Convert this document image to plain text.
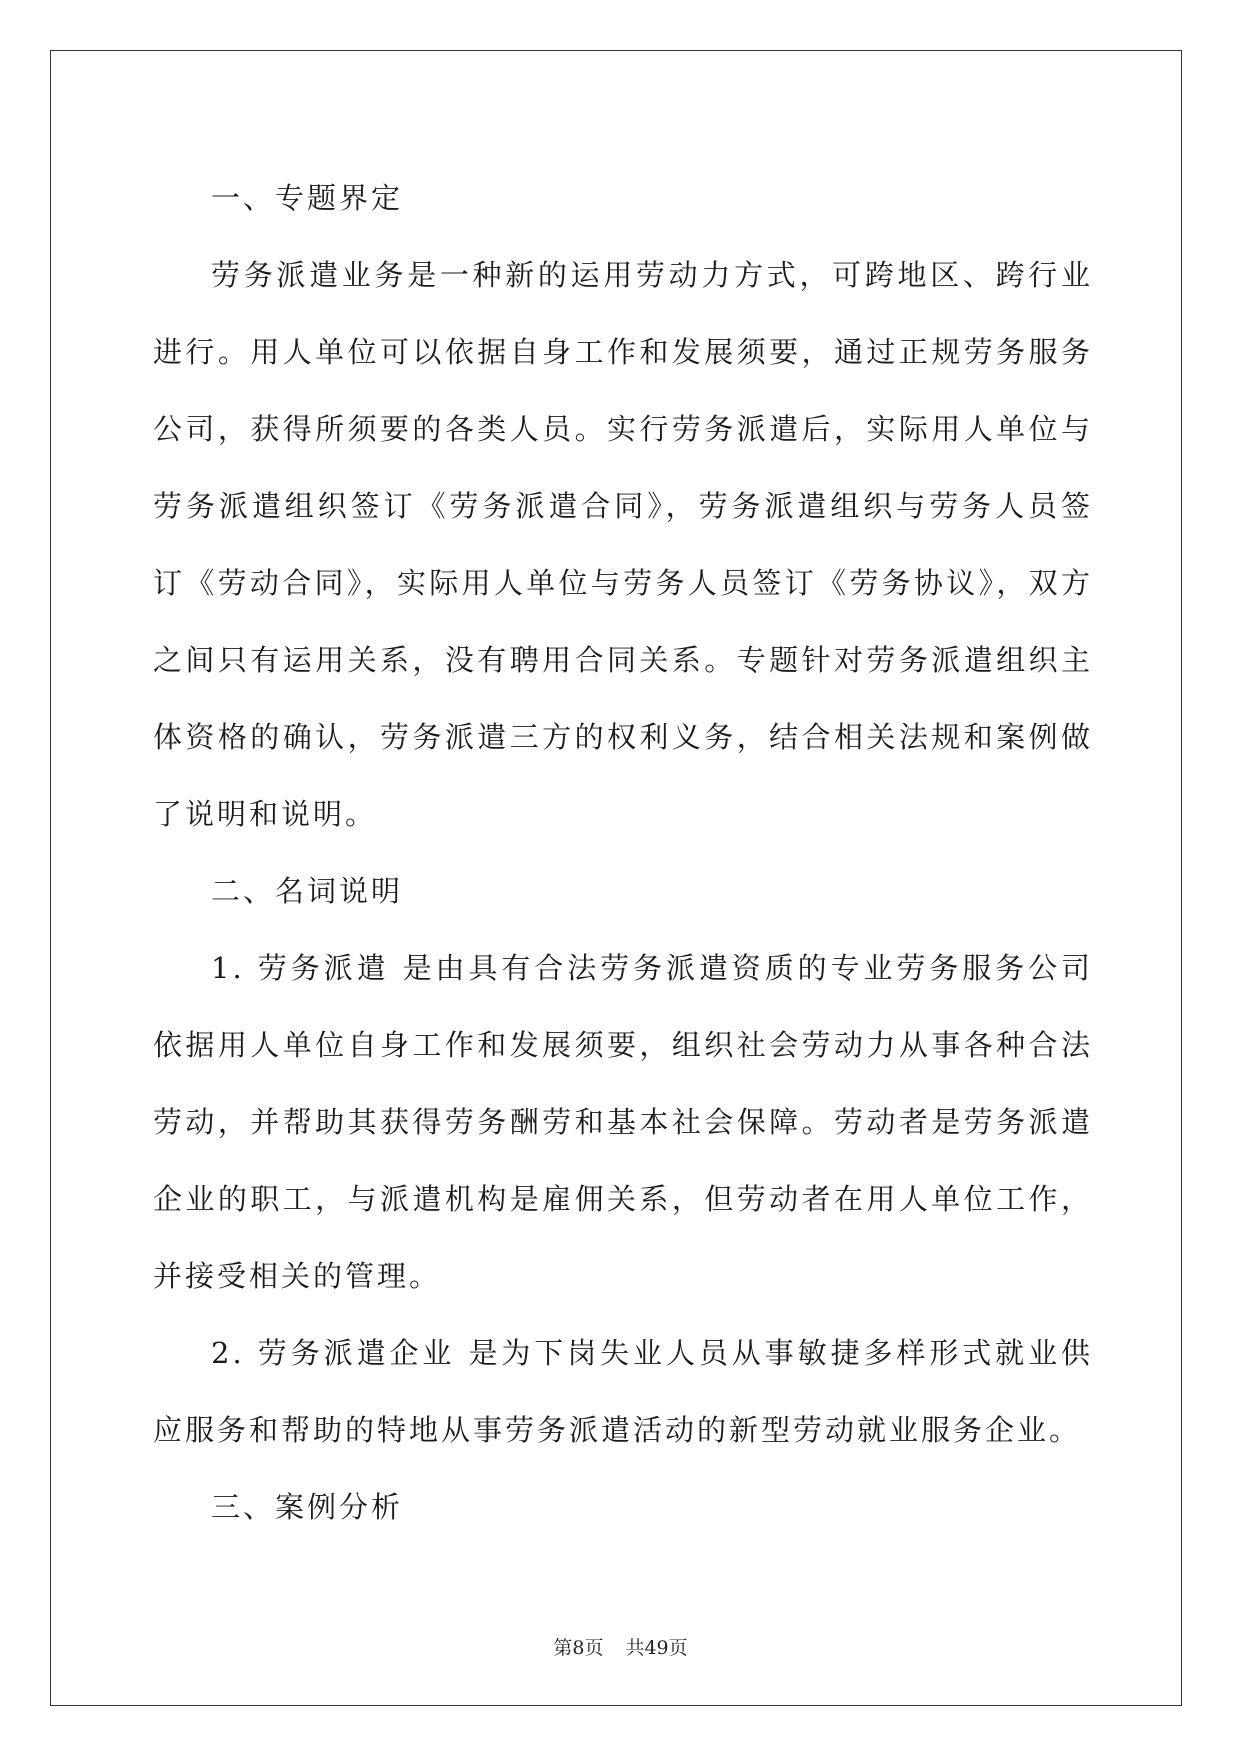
一、专题界定

劳务派遣业务是一种新的运用劳动力方式，可跨地区、跨行业进行。用人单位可以依据自身工作和发展须要，通过正规劳务服务公司，获得所须要的各类人员。实行劳务派遣后，实际用人单位与劳务派遣组织签订《劳务派遣合同》，劳务派遣组织与劳务人员签订《劳动合同》，实际用人单位与劳务人员签订《劳务协议》，双方之间只有运用关系，没有聘用合同关系。专题针对劳务派遣组织主体资格的确认，劳务派遣三方的权利义务，结合相关法规和案例做了说明和说明。

二、名词说明

1. 劳务派遣 是由具有合法劳务派遣资质的专业劳务服务公司依据用人单位自身工作和发展须要，组织社会劳动力从事各种合法劳动，并帮助其获得劳务酬劳和基本社会保障。劳动者是劳务派遣企业的职工，与派遣机构是雇佣关系，但劳动者在用人单位工作，并接受相关的管理。

2. 劳务派遣企业 是为下岗失业人员从事敏捷多样形式就业供应服务和帮助的特地从事劳务派遣活动的新型劳动就业服务企业。

三、案例分析

第8页 共49页
